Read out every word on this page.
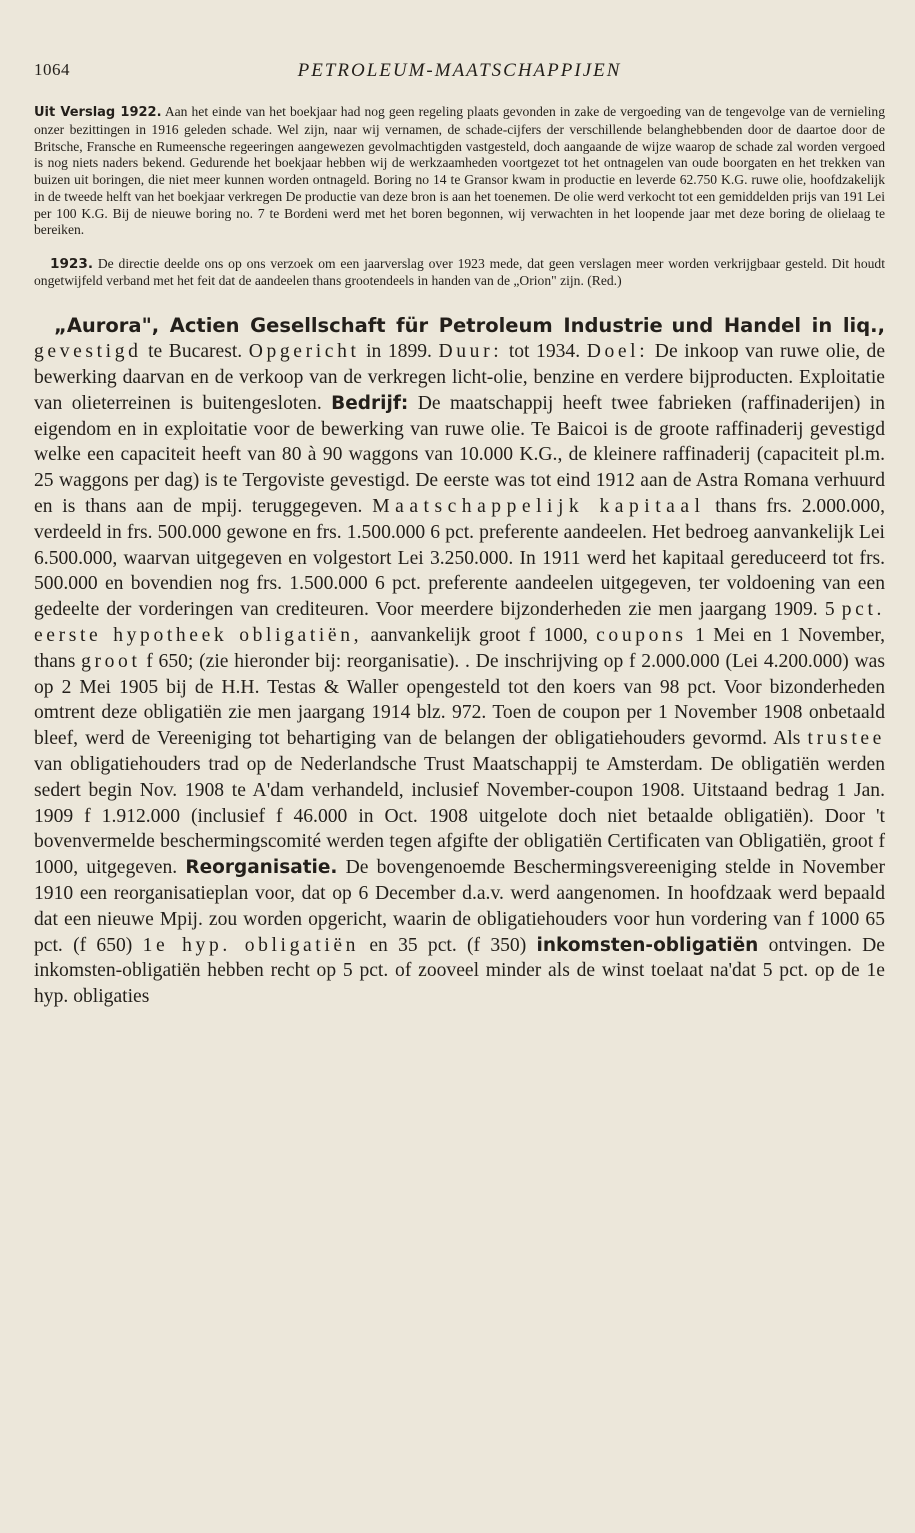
1064	PETROLEUM-MAATSCHAPPIJEN

Uit Verslag 1922. Aan het einde van het boekjaar had nog geen regeling plaats gevonden in zake de vergoeding van de tengevolge van de vernieling onzer bezittingen in 1916 geleden schade. Wel zijn, naar wij vernamen, de schade-cijfers der verschillende belanghebbenden door de daartoe door de Britsche, Fransche en Rumeensche regeeringen aangewezen gevolmachtigden vastgesteld, doch aangaande de wijze waarop de schade zal worden vergoed is nog niets naders bekend. Gedurende het boekjaar hebben wij de werkzaamheden voortgezet tot het ontnagelen van oude boorgaten en het trekken van buizen uit boringen, die niet meer kunnen worden ontnageld. Boring no 14 te Gransor kwam in productie en leverde 62.750 K.G. ruwe olie, hoofdzakelijk in de tweede helft van het boekjaar verkregen De productie van deze bron is aan het toenemen. De olie werd verkocht tot een gemiddelden prijs van 191 Lei per 100 K.G. Bij de nieuwe boring no. 7 te Bordeni werd met het boren begonnen, wij verwachten in het loopende jaar met deze boring de olielaag te bereiken.

1923. De directie deelde ons op ons verzoek om een jaarverslag over 1923 mede, dat geen verslagen meer worden verkrijgbaar gesteld. Dit houdt ongetwijfeld verband met het feit dat de aandeelen thans grootendeels in handen van de „Orion" zijn. (Red.)

„Aurora", Actien Gesellschaft für Petroleum Industrie und Handel in liq., gevestigd te Bucarest. Opgericht in 1899. Duur: tot 1934. Doel: De inkoop van ruwe olie, de bewerking daarvan en de verkoop van de verkregen licht-olie, benzine en verdere bijproducten. Exploitatie van olieterreinen is buitengesloten. Bedrijf: De maatschappij heeft twee fabrieken (raffinaderijen) in eigendom en in exploitatie voor de bewerking van ruwe olie. Te Baicoi is de groote raffinaderij gevestigd welke een capaciteit heeft van 80 à 90 waggons van 10.000 K.G., de kleinere raffinaderij (capaciteit pl.m. 25 waggons per dag) is te Tergoviste gevestigd. De eerste was tot eind 1912 aan de Astra Romana verhuurd en is thans aan de mpij. teruggegeven. Maatschappelijk kapitaal thans frs. 2.000.000, verdeeld in frs. 500.000 gewone en frs. 1.500.000 6 pct. preferente aandeelen. Het bedroeg aanvankelijk Lei 6.500.000, waarvan uitgegeven en volgestort Lei 3.250.000. In 1911 werd het kapitaal gereduceerd tot frs. 500.000 en bovendien nog frs. 1.500.000 6 pct. preferente aandeelen uitgegeven, ter voldoening van een gedeelte der vorderingen van crediteuren. Voor meerdere bijzonderheden zie men jaargang 1909. 5 pct. eerste hypotheek obligatiën, aanvankelijk groot f 1000, coupons 1 Mei en 1 November, thans groot f 650; (zie hieronder bij: reorganisatie). . De inschrijving op f 2.000.000 (Lei 4.200.000) was op 2 Mei 1905 bij de H.H. Testas & Waller opengesteld tot den koers van 98 pct. Voor bizonderheden omtrent deze obligatiën zie men jaargang 1914 blz. 972. Toen de coupon per 1 November 1908 onbetaald bleef, werd de Vereeniging tot behartiging van de belangen der obligatiehouders gevormd. Als trustee van obligatiehouders trad op de Nederlandsche Trust Maatschappij te Amsterdam. De obligatiën werden sedert begin Nov. 1908 te A'dam verhandeld, inclusief November-coupon 1908. Uitstaand bedrag 1 Jan. 1909 f 1.912.000 (inclusief f 46.000 in Oct. 1908 uitgelote doch niet betaalde obligatiën). Door 't bovenvermelde beschermingscomité werden tegen afgifte der obligatiën Certificaten van Obligatiën, groot f 1000, uitgegeven. Reorganisatie. De bovengenoemde Beschermingsvereeniging stelde in November 1910 een reorganisatieplan voor, dat op 6 December d.a.v. werd aangenomen. In hoofdzaak werd bepaald dat een nieuwe Mpij. zou worden opgericht, waarin de obligatiehouders voor hun vordering van f 1000 65 pct. (f 650) 1e hyp. obligatiën en 35 pct. (f 350) inkomsten-obligatiën ontvingen. De inkomsten-obligatiën hebben recht op 5 pct. of zooveel minder als de winst toelaat na'dat 5 pct. op de 1e hyp. obligaties
